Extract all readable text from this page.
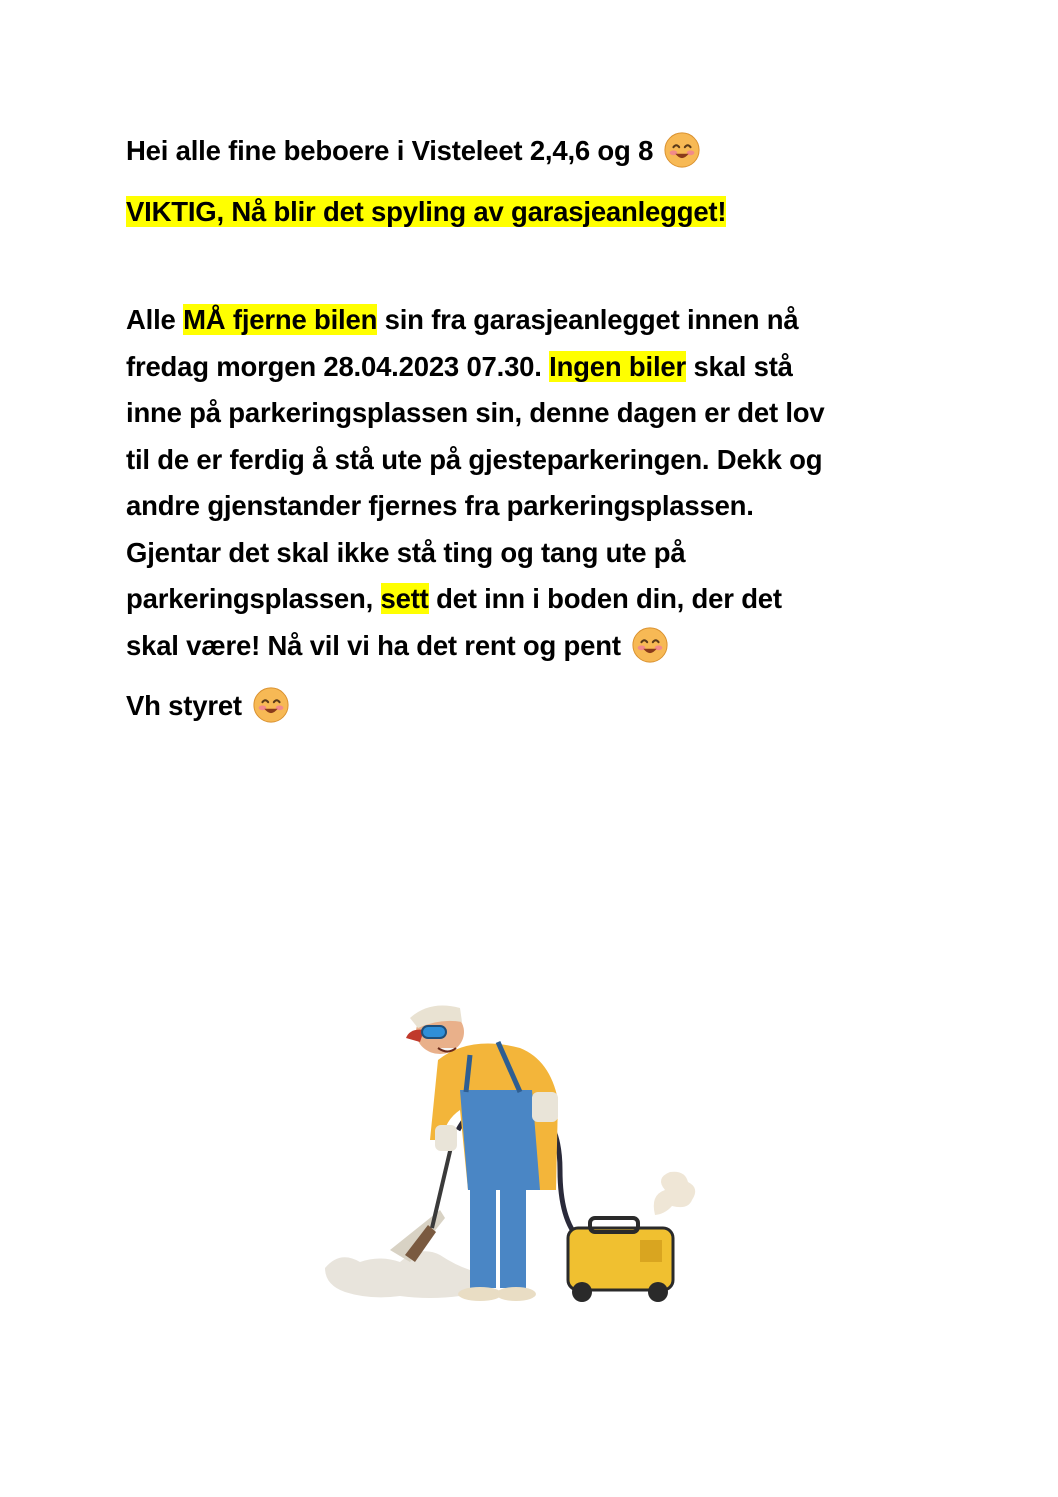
Hei alle fine beboere i Visteleet 2,4,6 og 8
VIKTIG, Nå blir det spyling av garasjeanlegget!
Alle MÅ fjerne bilen sin fra garasjeanlegget innen nå
fredag morgen 28.04.2023 07.30. Ingen biler skal stå
inne på parkeringsplassen sin, denne dagen er det lov
til de er ferdig å stå ute på gjesteparkeringen. Dekk og
andre gjenstander fjernes fra parkeringsplassen.
Gjentar det skal ikke stå ting og tang ute på
parkeringsplassen, sett det inn i boden din, der det
skal være! Nå vil vi ha det rent og pent
Vh styret
